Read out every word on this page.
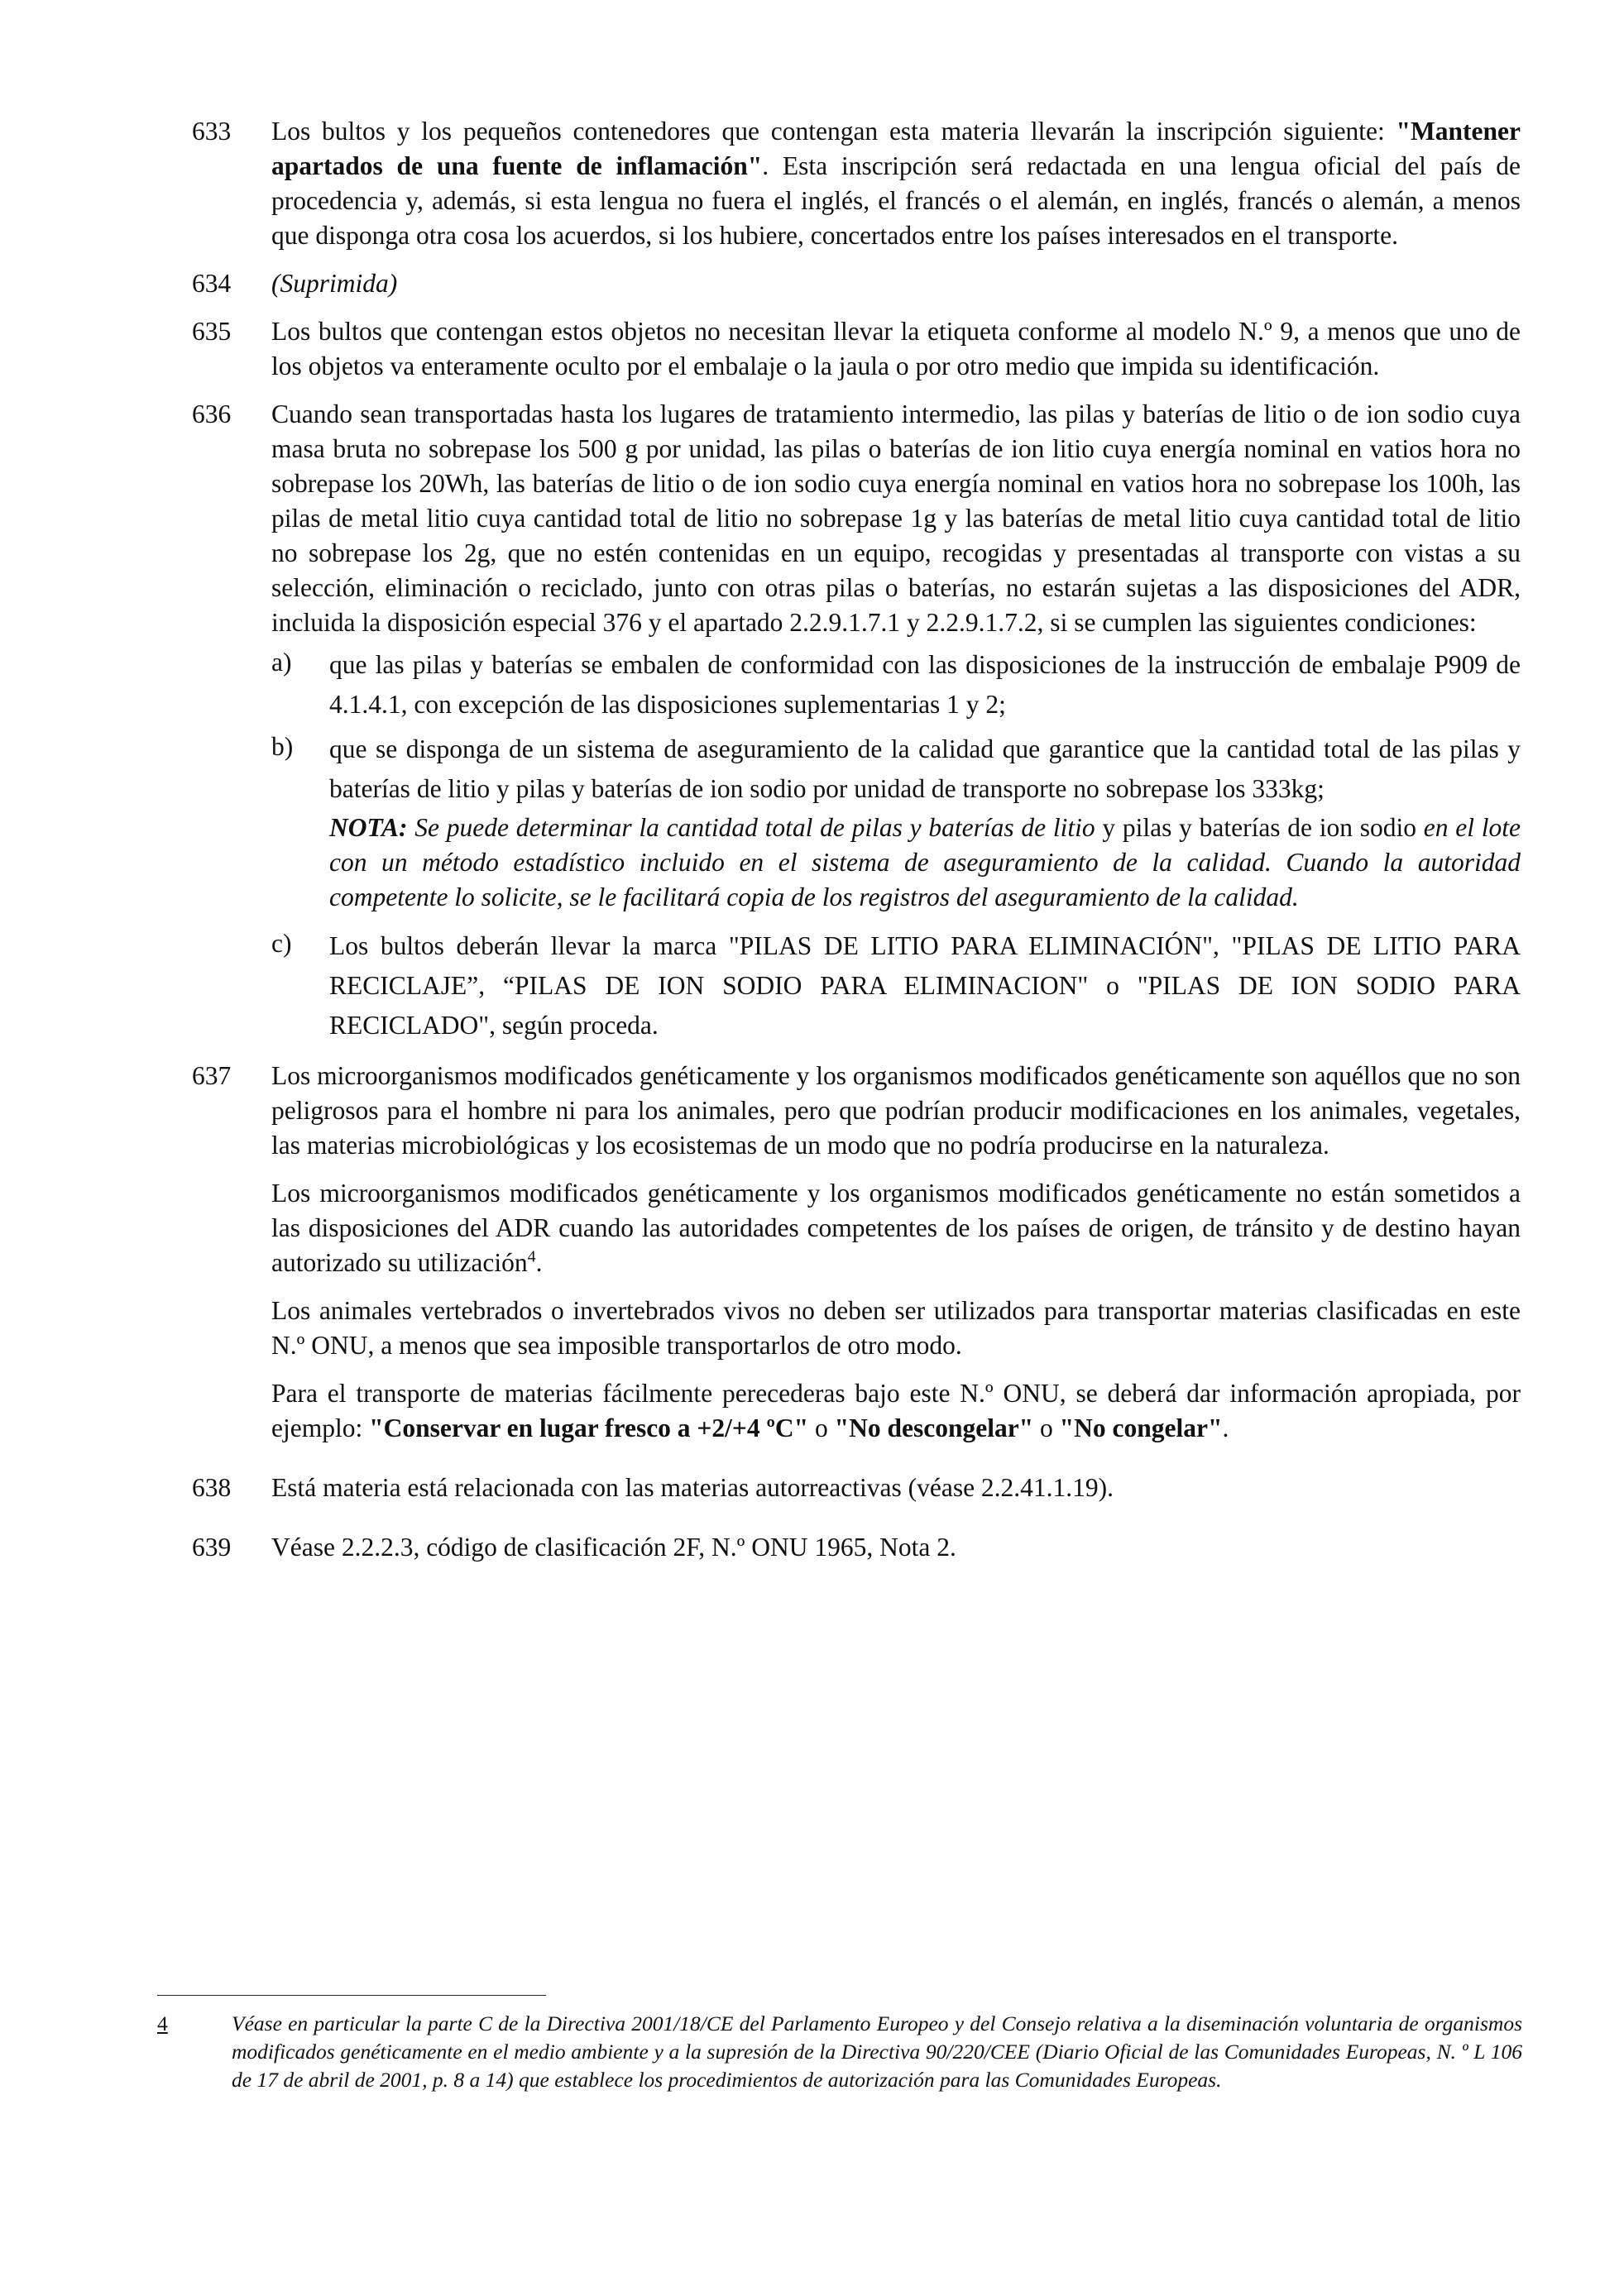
633	Los bultos y los pequeños contenedores que contengan esta materia llevarán la inscripción siguiente: "Mantener apartados de una fuente de inflamación". Esta inscripción será redactada en una lengua oficial del país de procedencia y, además, si esta lengua no fuera el inglés, el francés o el alemán, en inglés, francés o alemán, a menos que disponga otra cosa los acuerdos, si los hubiere, concertados entre los países interesados en el transporte.

634	(Suprimida)

635	Los bultos que contengan estos objetos no necesitan llevar la etiqueta conforme al modelo N.º 9, a menos que uno de los objetos va enteramente oculto por el embalaje o la jaula o por otro medio que impida su identificación.

636	Cuando sean transportadas hasta los lugares de tratamiento intermedio, las pilas y baterías de litio o de ion sodio cuya masa bruta no sobrepase los 500 g por unidad, las pilas o baterías de ion litio cuya energía nominal en vatios hora no sobrepase los 20Wh, las baterías de litio o de ion sodio cuya energía nominal en vatios hora no sobrepase los 100h, las pilas de metal litio cuya cantidad total de litio no sobrepase 1g y las baterías de metal litio cuya cantidad total de litio no sobrepase los 2g, que no estén contenidas en un equipo, recogidas y presentadas al transporte con vistas a su selección, eliminación o reciclado, junto con otras pilas o baterías, no estarán sujetas a las disposiciones del ADR, incluida la disposición especial 376 y el apartado 2.2.9.1.7.1 y 2.2.9.1.7.2, si se cumplen las siguientes condiciones:

a)	que las pilas y baterías se embalen de conformidad con las disposiciones de la instrucción de embalaje P909 de 4.1.4.1, con excepción de las disposiciones suplementarias 1 y 2;
b)	que se disponga de un sistema de aseguramiento de la calidad que garantice que la cantidad total de las pilas y baterías de litio y pilas y baterías de ion sodio por unidad de transporte no sobrepase los 333kg;
NOTA: Se puede determinar la cantidad total de pilas y baterías de litio y pilas y baterías de ion sodio en el lote con un método estadístico incluido en el sistema de aseguramiento de la calidad. Cuando la autoridad competente lo solicite, se le facilitará copia de los registros del aseguramiento de la calidad.
c)	Los bultos deberán llevar la marca "PILAS DE LITIO PARA ELIMINACIÓN", "PILAS DE LITIO PARA RECICLAJE”, “PILAS DE ION SODIO PARA ELIMINACION" o "PILAS DE ION SODIO PARA RECICLADO", según proceda.
637	Los microorganismos modificados genéticamente y los organismos modificados genéticamente son aquéllos que no son peligrosos para el hombre ni para los animales, pero que podrían producir modificaciones en los animales, vegetales, las materias microbiológicas y los ecosistemas de un modo que no podría producirse en la naturaleza.

Los microorganismos modificados genéticamente y los organismos modificados genéticamente no están sometidos a las disposiciones del ADR cuando las autoridades competentes de los países de origen, de tránsito y de destino hayan autorizado su utilización$^4$.

Los animales vertebrados o invertebrados vivos no deben ser utilizados para transportar materias clasificadas en este N.º ONU, a menos que sea imposible transportarlos de otro modo.

Para el transporte de materias fácilmente perecederas bajo este N.º ONU, se deberá dar información apropiada, por ejemplo: "Conservar en lugar fresco a +2/+4 ºC" o "No descongelar" o "No congelar".

638	Está materia está relacionada con las materias autorreactivas (véase 2.2.41.1.19).

639	Véase 2.2.2.3, código de clasificación 2F, N.º ONU 1965, Nota 2.

4	Véase en particular la parte C de la Directiva 2001/18/CE del Parlamento Europeo y del Consejo relativa a la diseminación voluntaria de organismos modificados genéticamente en el medio ambiente y a la supresión de la Directiva 90/220/CEE (Diario Oficial de las Comunidades Europeas, N. º L 106 de 17 de abril de 2001, p. 8 a 14) que establece los procedimientos de autorización para las Comunidades Europeas.
